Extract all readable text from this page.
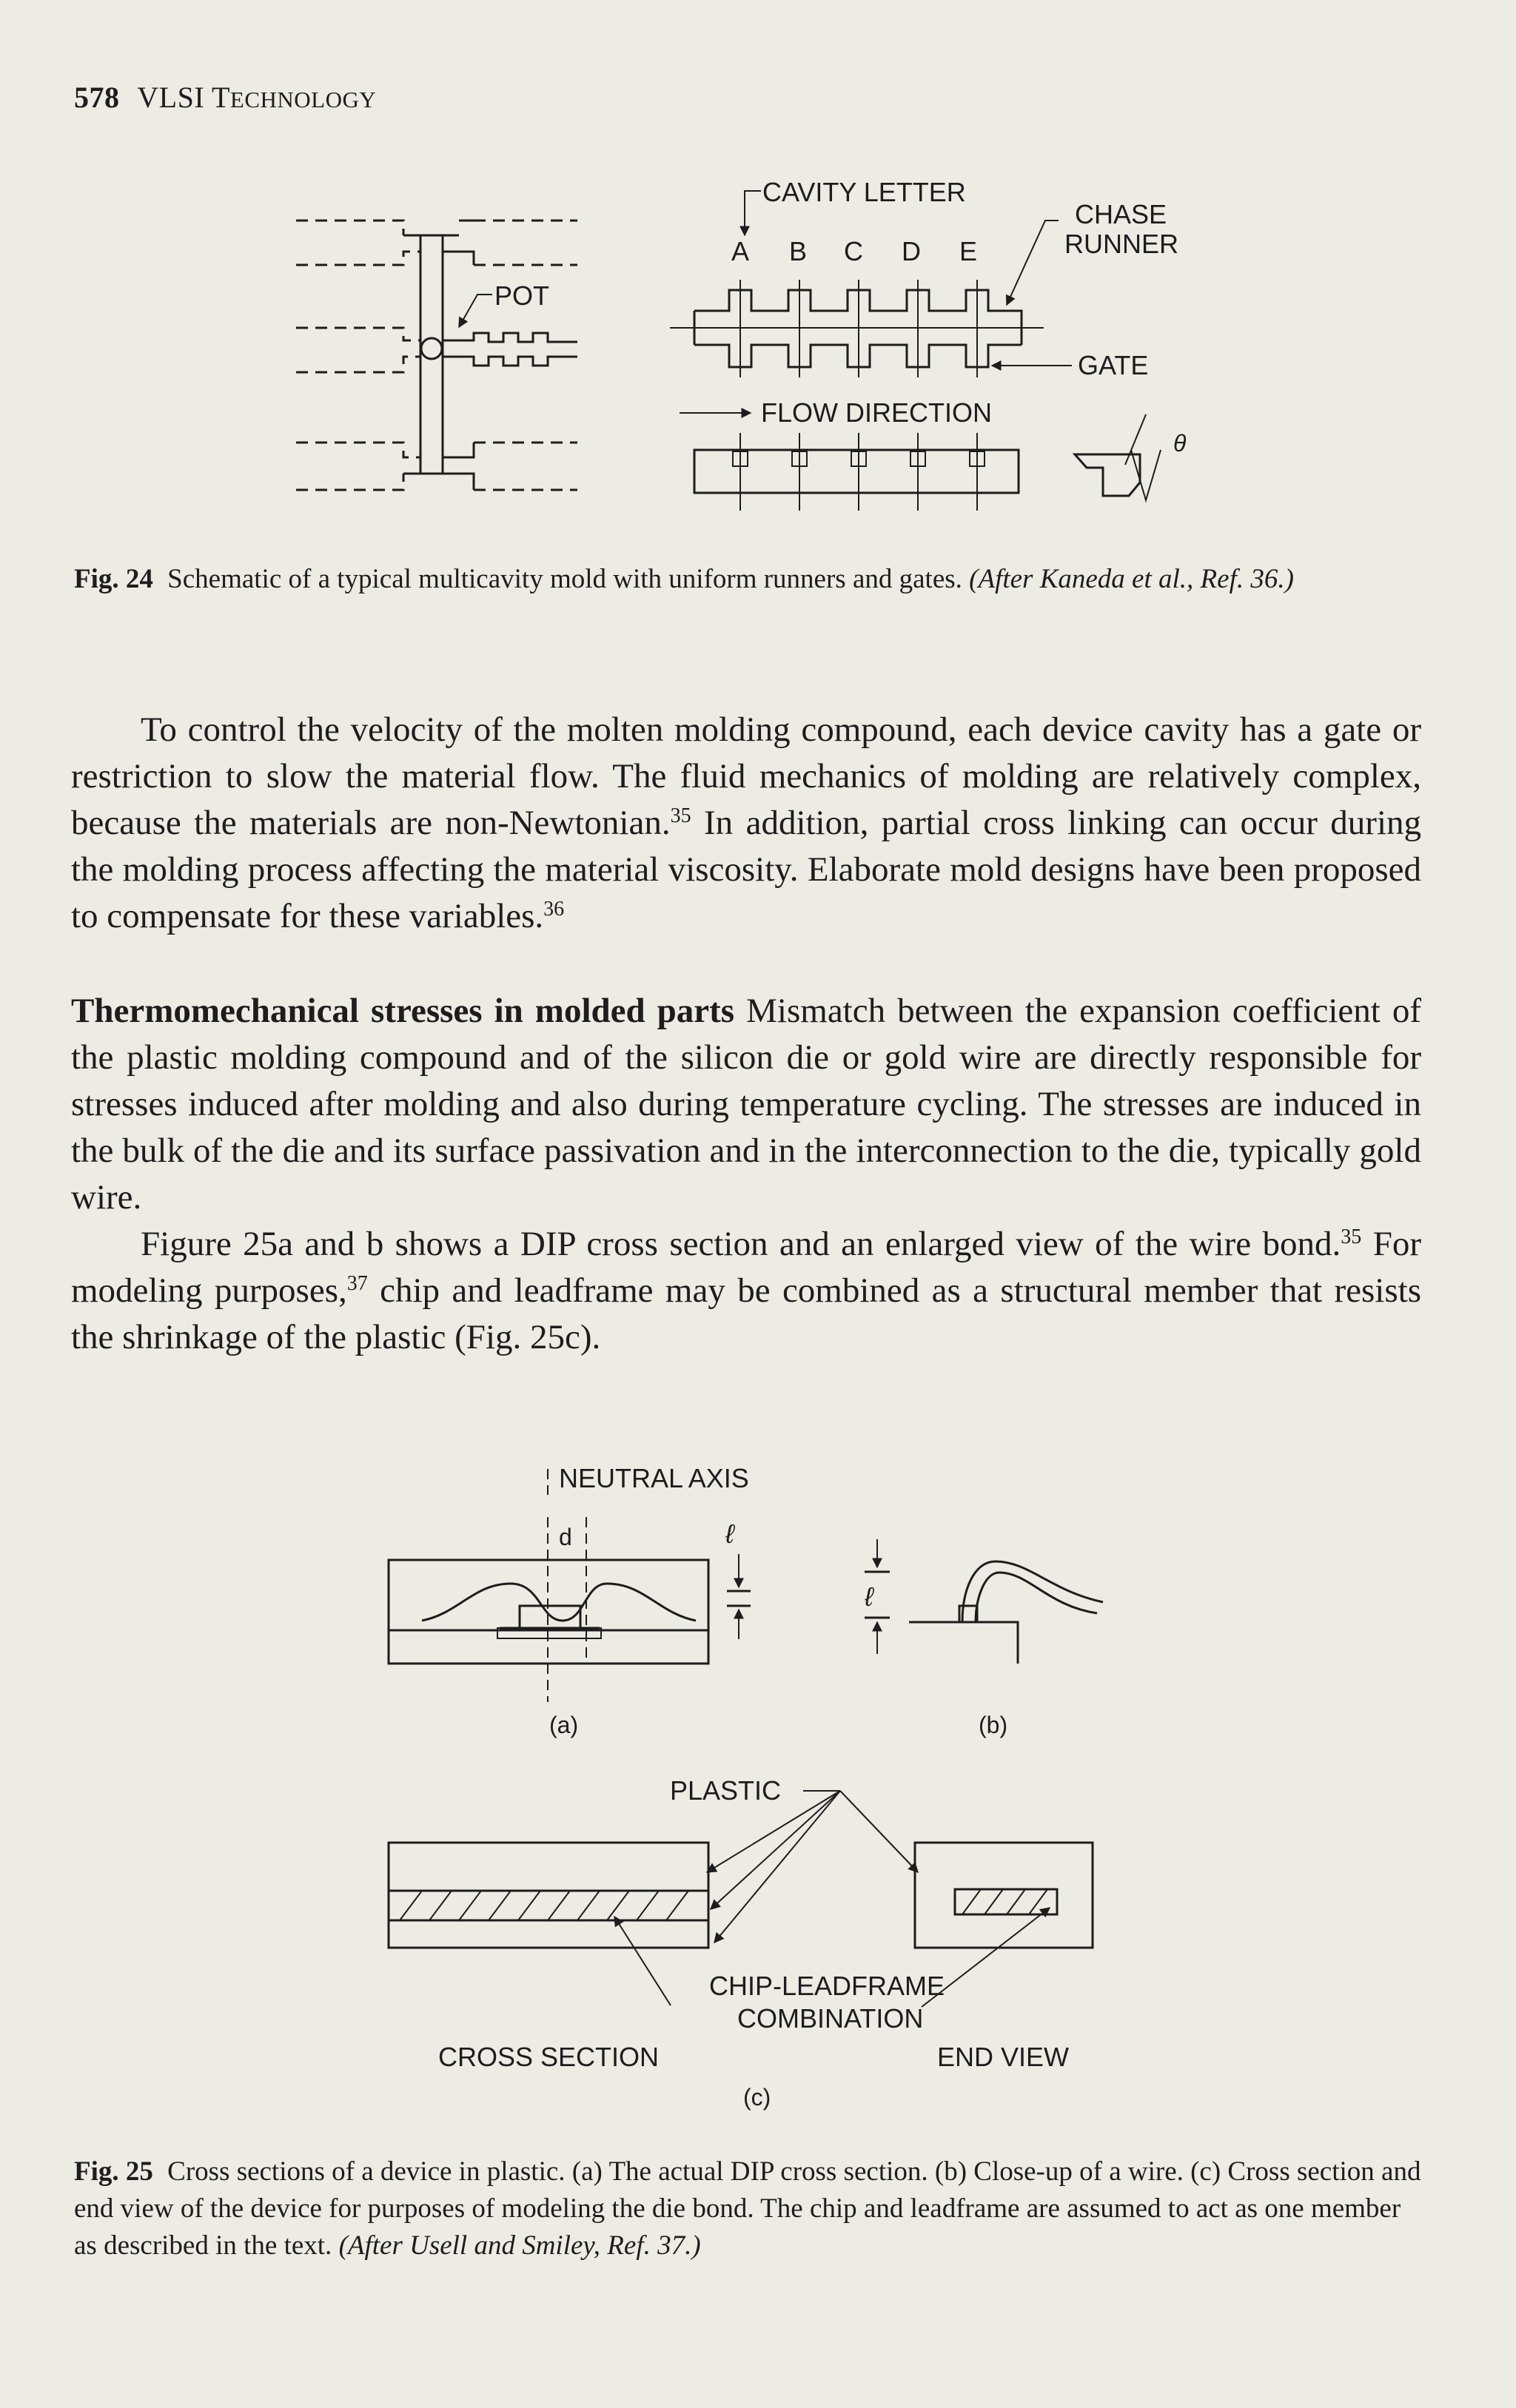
578 VLSI TECHNOLOGY
POT
CAVITY LETTER
A B C D E
CHASE
RUNNER
GATE
FLOW DIRECTION
θ
Fig. 24 Schematic of a typical multicavity mold with uniform runners and gates. (After Kaneda et al., Ref. 36.)

To control the velocity of the molten molding compound, each device cavity has a gate or restriction to slow the material flow. The fluid mechanics of molding are relatively complex, because the materials are non-Newtonian.$^{35}$ In addition, partial cross linking can occur during the molding process affecting the material viscosity. Elaborate mold designs have been proposed to compensate for these variables.$^{36}$

Thermomechanical stresses in molded parts Mismatch between the expansion coefficient of the plastic molding compound and of the silicon die or gold wire are directly responsible for stresses induced after molding and also during temperature cycling. The stresses are induced in the bulk of the die and its surface passivation and in the interconnection to the die, typically gold wire.

Figure 25a and b shows a DIP cross section and an enlarged view of the wire bond.$^{35}$ For modeling purposes,$^{37}$ chip and leadframe may be combined as a structural member that resists the shrinkage of the plastic (Fig. 25c).

NEUTRAL AXIS
d	ℓ
(a)
ℓ
(b)
PLASTIC
CHIP-LEADFRAME
COMBINATION
CROSS SECTION	END VIEW
(c)
Fig. 25 Cross sections of a device in plastic. (a) The actual DIP cross section. (b) Close-up of a wire. (c) Cross section and end view of the device for purposes of modeling the die bond. The chip and leadframe are assumed to act as one member as described in the text. (After Usell and Smiley, Ref. 37.)
